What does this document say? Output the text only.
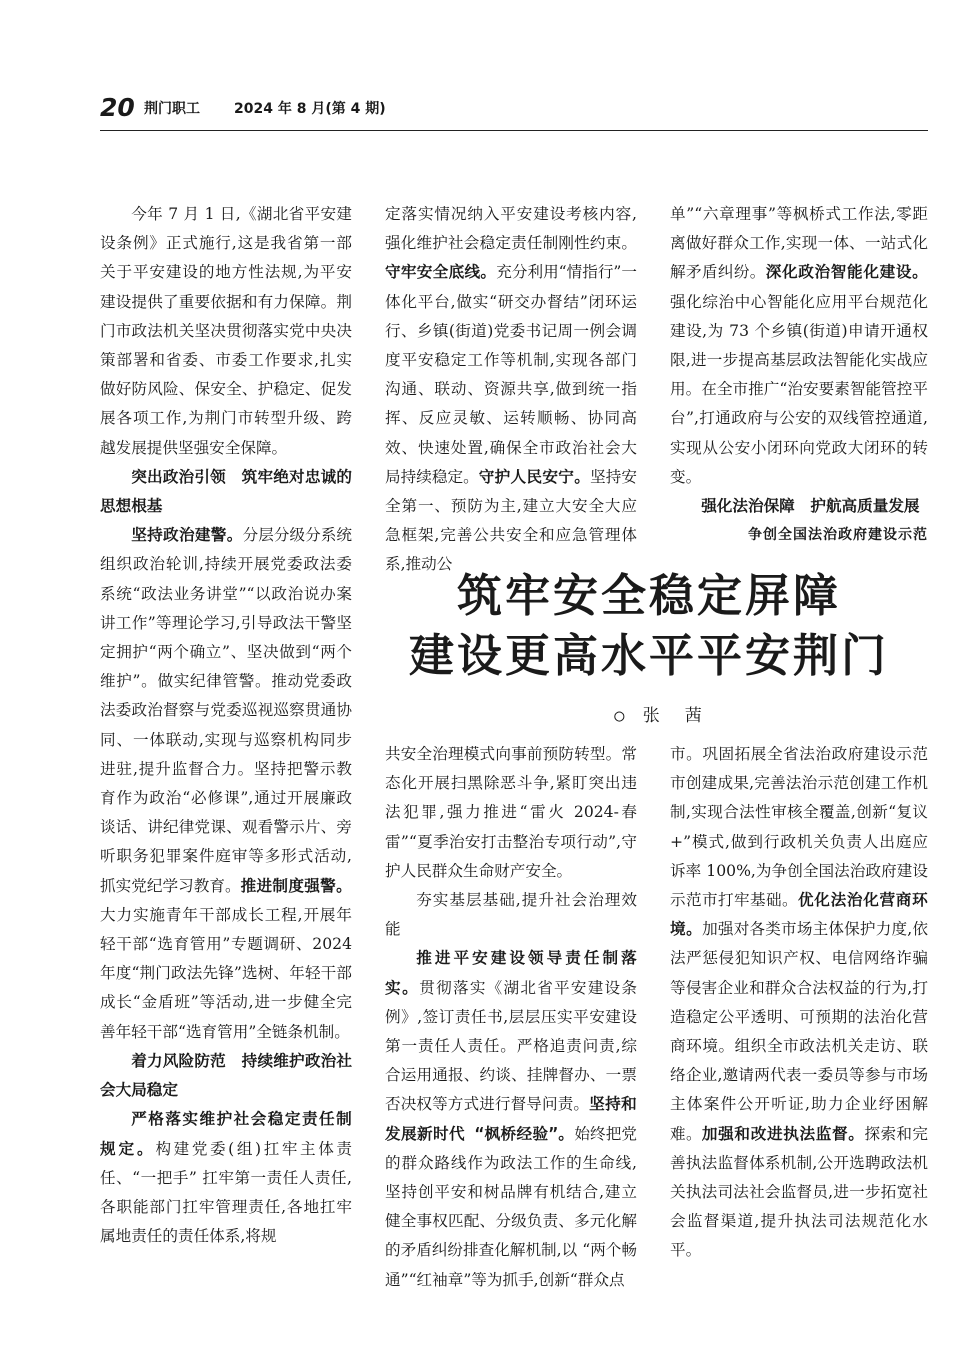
20 荆门职工 2024 年 8 月(第 4 期)

今年 7 月 1 日,《湖北省平安建设条例》正式施行,这是我省第一部关于平安建设的地方性法规,为平安建设提供了重要依据和有力保障。荆门市政法机关坚决贯彻落实党中央决策部署和省委、市委工作要求,扎实做好防风险、保安全、护稳定、促发展各项工作,为荆门市转型升级、跨越发展提供坚强安全保障。

突出政治引领　筑牢绝对忠诚的思想根基

坚持政治建警。分层分级分系统组织政治轮训,持续开展党委政法委系统“政法业务讲堂”“以政治说办案讲工作”等理论学习,引导政法干警坚定拥护“两个确立”、坚决做到“两个维护”。做实纪律管警。推动党委政法委政治督察与党委巡视巡察贯通协同、一体联动,实现与巡察机构同步进驻,提升监督合力。坚持把警示教育作为政治“必修课”,通过开展廉政谈话、讲纪律党课、观看警示片、旁听职务犯罪案件庭审等多形式活动,抓实党纪学习教育。推进制度强警。大力实施青年干部成长工程,开展年轻干部“选育管用”专题调研、2024年度“荆门政法先锋”选树、年轻干部成长“金盾班”等活动,进一步健全完善年轻干部“选育管用”全链条机制。

着力风险防范　持续维护政治社会大局稳定

严格落实维护社会稳定责任制规定。构建党委(组)扛牢主体责任、“一把手” 扛牢第一责任人责任,各职能部门扛牢管理责任,各地扛牢属地责任的责任体系,将规

定落实情况纳入平安建设考核内容,强化维护社会稳定责任制刚性约束。守牢安全底线。充分利用“情指行”一体化平台,做实“研交办督结”闭环运行、乡镇(街道)党委书记周一例会调度平安稳定工作等机制,实现各部门沟通、联动、资源共享,做到统一指挥、反应灵敏、运转顺畅、协同高效、快速处置,确保全市政治社会大局持续稳定。守护人民安宁。坚持安全第一、预防为主,建立大安全大应急框架,完善公共安全和应急管理体系,推动公

单”“六章理事”等枫桥式工作法,零距离做好群众工作,实现一体、一站式化解矛盾纠纷。深化政治智能化建设。强化综治中心智能化应用平台规范化建设,为 73 个乡镇(街道)申请开通权限,进一步提高基层政法智能化实战应用。在全市推广“治安要素智能管控平台”,打通政府与公安的双线管控通道,实现从公安小闭环向党政大闭环的转变。

强化法治保障　护航高质量发展

争创全国法治政府建设示范
筑牢安全稳定屏障
建设更高水平平安荆门
○ 张　茜

共安全治理模式向事前预防转型。常态化开展扫黑除恶斗争,紧盯突出违法犯罪,强力推进“雷火 2024-春雷”“夏季治安打击整治专项行动”,守护人民群众生命财产安全。

夯实基层基础,提升社会治理效能

推进平安建设领导责任制落实。贯彻落实《湖北省平安建设条例》,签订责任书,层层压实平安建设第一责任人责任。严格追责问责,综合运用通报、约谈、挂牌督办、一票否决权等方式进行督导问责。坚持和发展新时代 “枫桥经验”。始终把党的群众路线作为政法工作的生命线,坚持创平安和树品牌有机结合,建立健全事权匹配、分级负责、多元化解的矛盾纠纷排查化解机制,以 “两个畅通”“红袖章”等为抓手,创新“群众点

市。巩固拓展全省法治政府建设示范市创建成果,完善法治示范创建工作机制,实现合法性审核全覆盖,创新“复议 +”模式,做到行政机关负责人出庭应诉率 100%,为争创全国法治政府建设示范市打牢基础。优化法治化营商环境。加强对各类市场主体保护力度,依法严惩侵犯知识产权、电信网络诈骗等侵害企业和群众合法权益的行为,打造稳定公平透明、可预期的法治化营商环境。组织全市政法机关走访、联络企业,邀请两代表一委员等参与市场主体案件公开听证,助力企业纾困解难。加强和改进执法监督。探索和完善执法监督体系机制,公开选聘政法机关执法司法社会监督员,进一步拓宽社会监督渠道,提升执法司法规范化水平。
